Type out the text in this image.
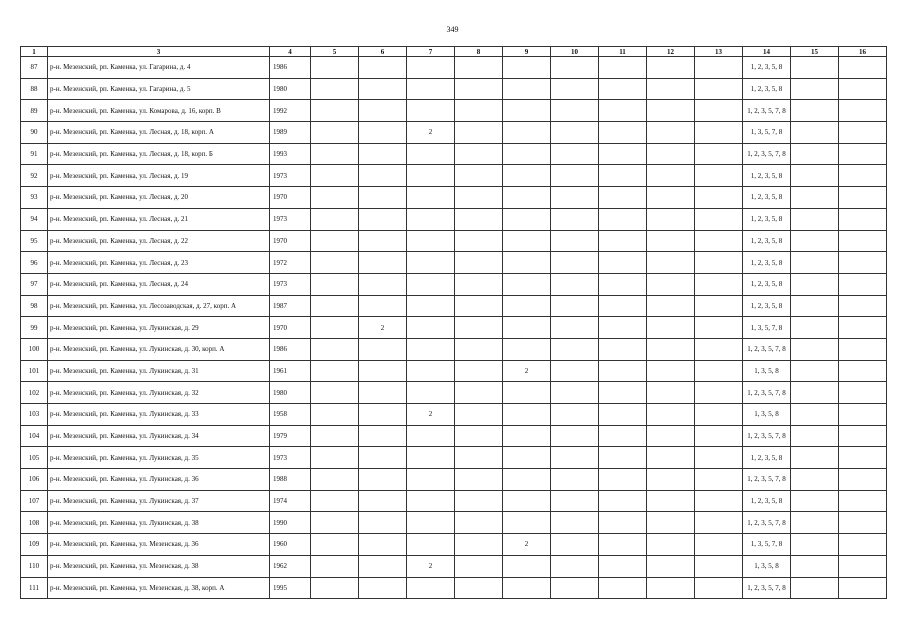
349
1	3	4	5	6	7	8	9	10	11	12	13	14	15	16
87	р-н. Мезенский, рп. Каменка, ул. Гагарина, д. 4	1986										1, 2, 3, 5, 8		
88	р-н. Мезенский, рп. Каменка, ул. Гагарина, д. 5	1980										1, 2, 3, 5, 8		
89	р-н. Мезенский, рп. Каменка, ул. Комарова, д. 16, корп. В	1992										1, 2, 3, 5, 7, 8		
90	р-н. Мезенский, рп. Каменка, ул. Лесная, д. 18, корп. А	1989			2							1, 3, 5, 7, 8		
91	р-н. Мезенский, рп. Каменка, ул. Лесная, д. 18, корп. Б	1993										1, 2, 3, 5, 7, 8		
92	р-н. Мезенский, рп. Каменка, ул. Лесная, д. 19	1973										1, 2, 3, 5, 8		
93	р-н. Мезенский, рп. Каменка, ул. Лесная, д. 20	1970										1, 2, 3, 5, 8		
94	р-н. Мезенский, рп. Каменка, ул. Лесная, д. 21	1973										1, 2, 3, 5, 8		
95	р-н. Мезенский, рп. Каменка, ул. Лесная, д. 22	1970										1, 2, 3, 5, 8		
96	р-н. Мезенский, рп. Каменка, ул. Лесная, д. 23	1972										1, 2, 3, 5, 8		
97	р-н. Мезенский, рп. Каменка, ул. Лесная, д. 24	1973										1, 2, 3, 5, 8		
98	р-н. Мезенский, рп. Каменка, ул. Лесозаводская, д. 27, корп. А	1987										1, 2, 3, 5, 8		
99	р-н. Мезенский, рп. Каменка, ул. Лукинская, д. 29	1970		2								1, 3, 5, 7, 8		
100	р-н. Мезенский, рп. Каменка, ул. Лукинская, д. 30, корп. А	1986										1, 2, 3, 5, 7, 8		
101	р-н. Мезенский, рп. Каменка, ул. Лукинская, д. 31	1961					2					1, 3, 5, 8		
102	р-н. Мезенский, рп. Каменка, ул. Лукинская, д. 32	1980										1, 2, 3, 5, 7, 8		
103	р-н. Мезенский, рп. Каменка, ул. Лукинская, д. 33	1958			2							1, 3, 5, 8		
104	р-н. Мезенский, рп. Каменка, ул. Лукинская, д. 34	1979										1, 2, 3, 5, 7, 8		
105	р-н. Мезенский, рп. Каменка, ул. Лукинская, д. 35	1973										1, 2, 3, 5, 8		
106	р-н. Мезенский, рп. Каменка, ул. Лукинская, д. 36	1988										1, 2, 3, 5, 7, 8		
107	р-н. Мезенский, рп. Каменка, ул. Лукинская, д. 37	1974										1, 2, 3, 5, 8		
108	р-н. Мезенский, рп. Каменка, ул. Лукинская, д. 38	1990										1, 2, 3, 5, 7, 8		
109	р-н. Мезенский, рп. Каменка, ул. Мезенская, д. 36	1960					2					1, 3, 5, 7, 8		
110	р-н. Мезенский, рп. Каменка, ул. Мезенская, д. 38	1962			2							1, 3, 5, 8		
111	р-н. Мезенский, рп. Каменка, ул. Мезенская, д. 38, корп. А	1995										1, 2, 3, 5, 7, 8		
